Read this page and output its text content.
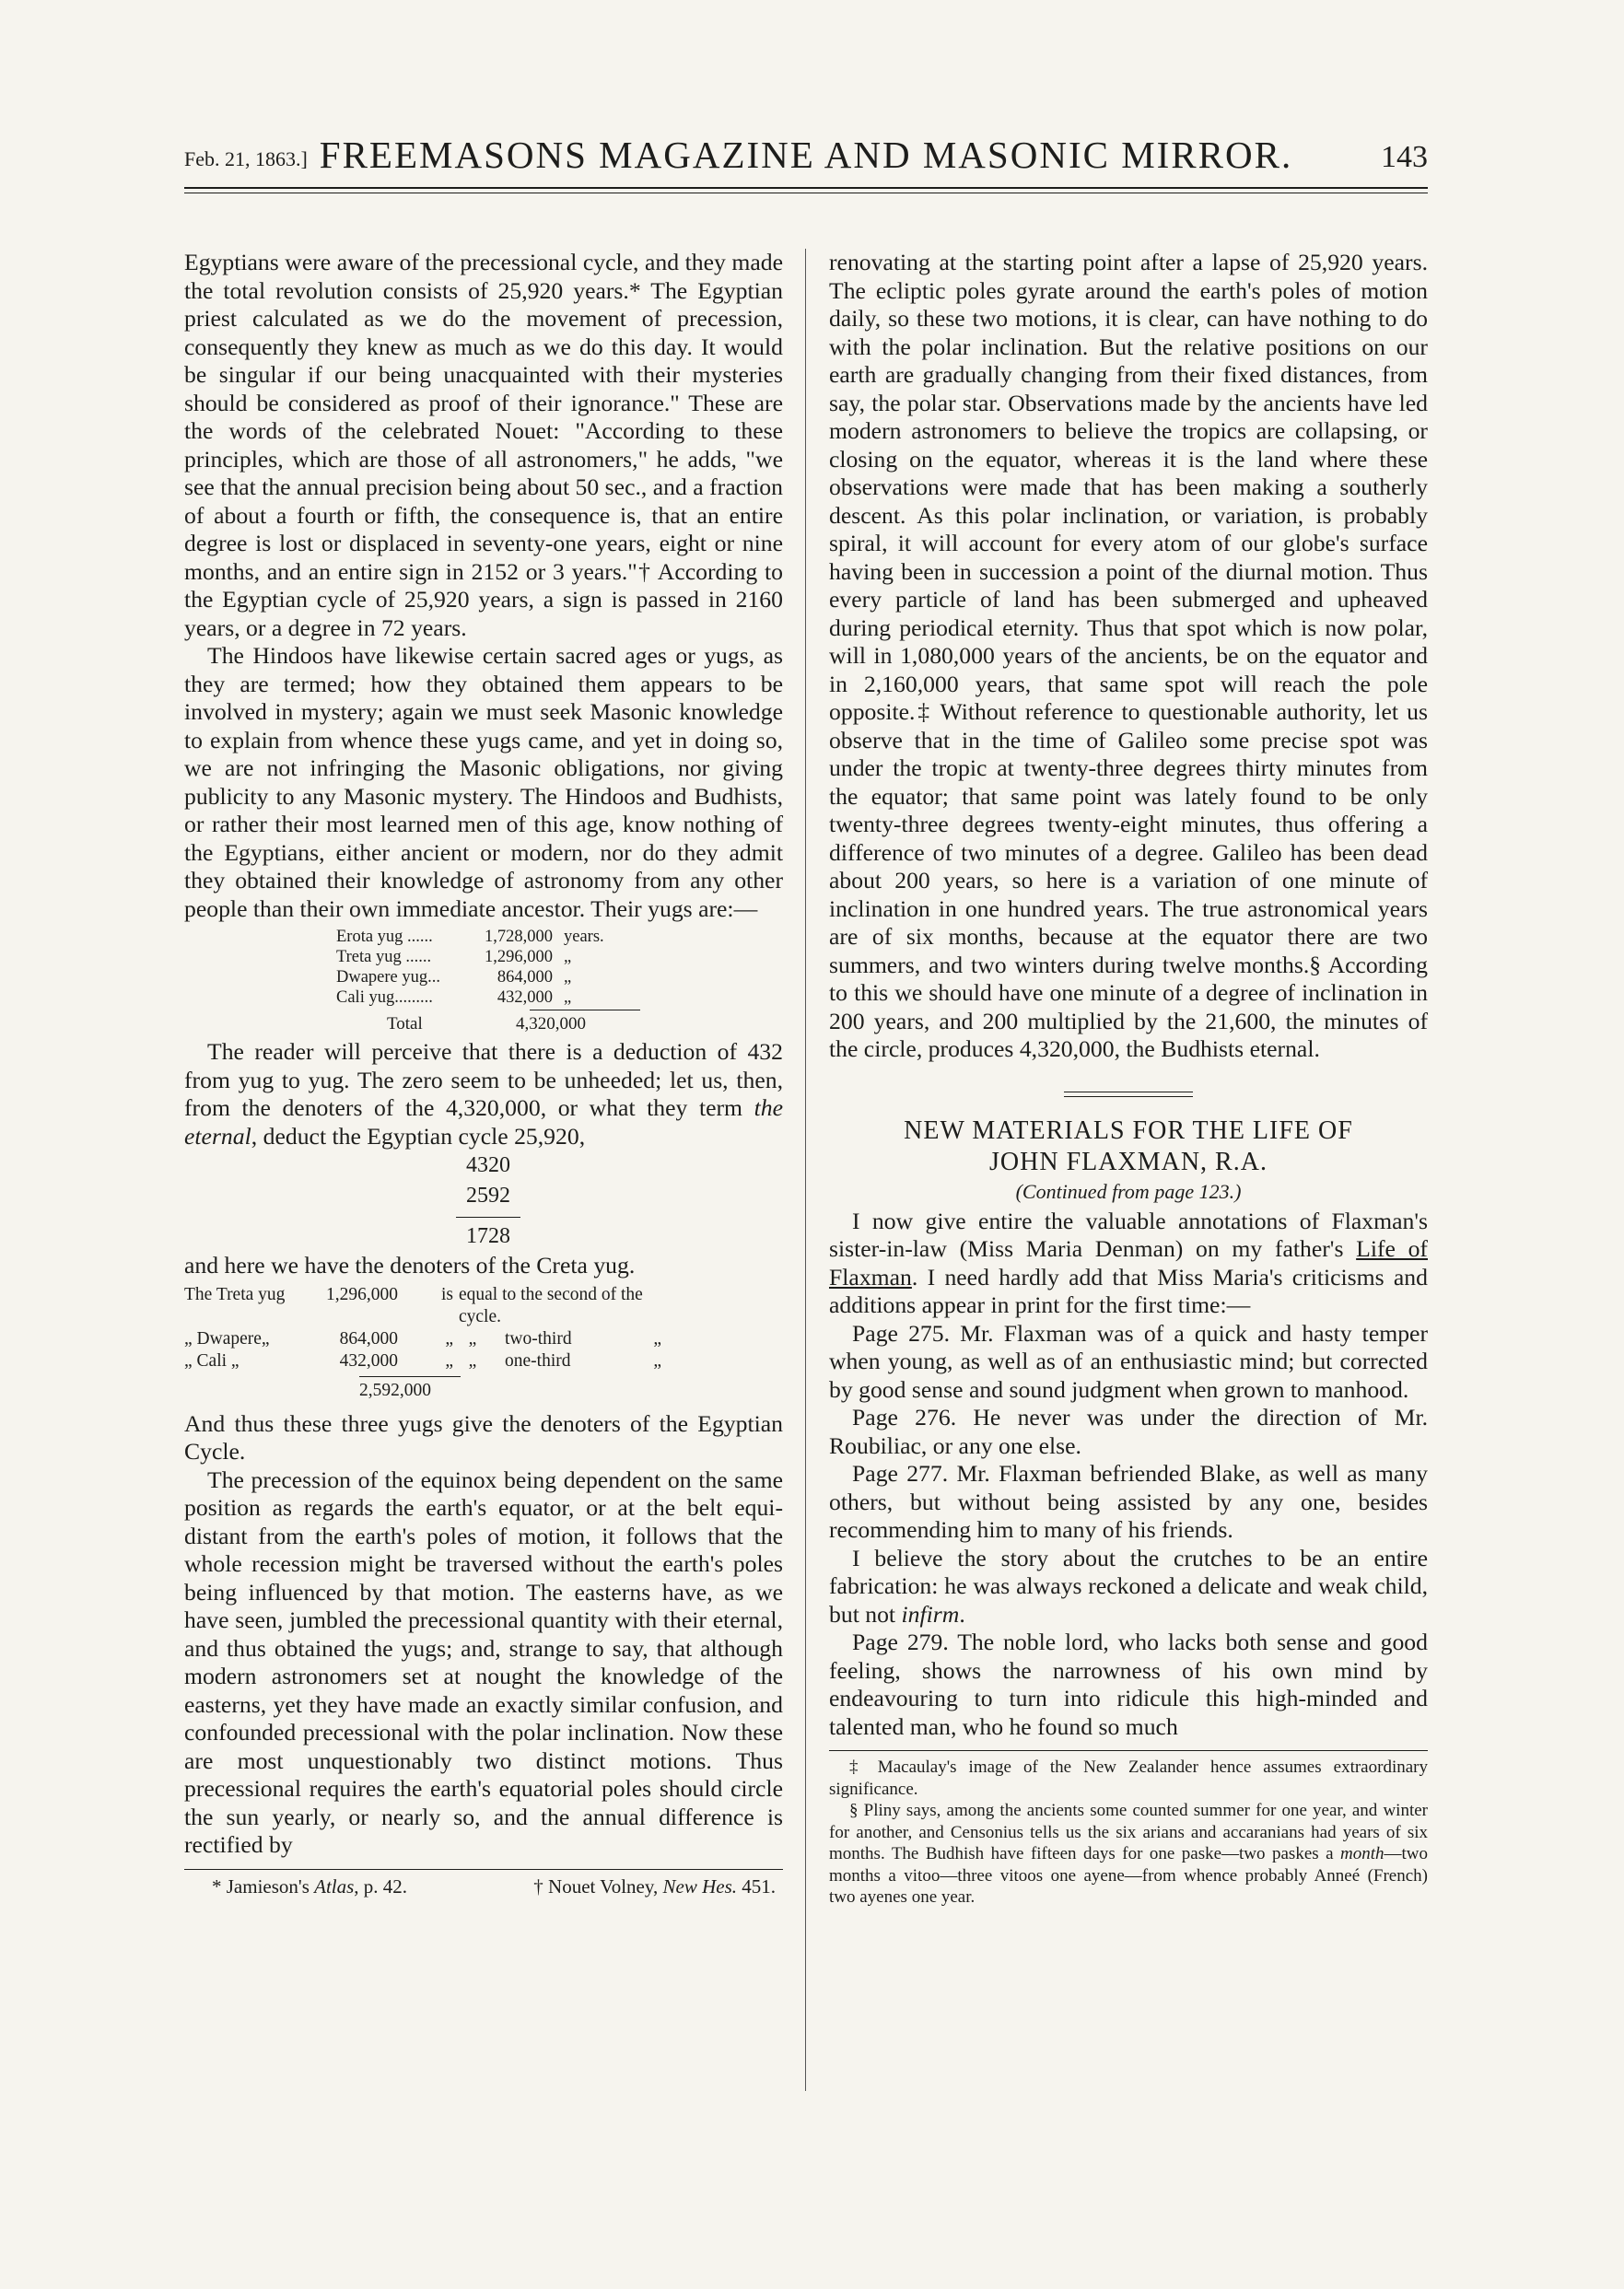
Feb. 21, 1863.] FREEMASONS MAGAZINE AND MASONIC MIRROR.	143

Egyptians were aware of the precessional cycle, and they made the total revolution consists of 25,920 years.* The Egyptian priest calculated as we do the movement of precession, consequently they knew as much as we do this day. It would be singular if our being unacquainted with their mysteries should be considered as proof of their ignorance." These are the words of the celebrated Nouet: "According to these principles, which are those of all astronomers," he adds, "we see that the annual precision being about 50 sec., and a fraction of about a fourth or fifth, the consequence is, that an entire degree is lost or displaced in seventy-one years, eight or nine months, and an entire sign in 2152 or 3 years."† According to the Egyptian cycle of 25,920 years, a sign is passed in 2160 years, or a degree in 72 years.

The Hindoos have likewise certain sacred ages or yugs, as they are termed; how they obtained them appears to be involved in mystery; again we must seek Masonic knowledge to explain from whence these yugs came, and yet in doing so, we are not infringing the Masonic obligations, nor giving publicity to any Masonic mystery. The Hindoos and Budhists, or rather their most learned men of this age, know nothing of the Egyptians, either ancient or modern, nor do they admit they obtained their knowledge of astronomy from any other people than their own immediate ancestor. Their yugs are:—

Erota yug ......	1,728,000 years.
Treta yug ......	1,296,000 „
Dwapere yug...	864,000 „
Cali yug.........	432,000 „
Total	4,320,000

The reader will perceive that there is a deduction of 432 from yug to yug. The zero seem to be unheeded; let us, then, from the denoters of the 4,320,000, or what they term the eternal, deduct the Egyptian cycle 25,920,

4320
2592
1728

and here we have the denoters of the Creta yug.

The Treta yug	1,296,000	is equal to the second of the cycle.
„ Dwapere„	864,000	„ „	two-third	„
„ Cali „	432,000	„ „	one-third	„
2,592,000

And thus these three yugs give the denoters of the Egyptian Cycle.

The precession of the equinox being dependent on the same position as regards the earth's equator, or at the belt equi-distant from the earth's poles of motion, it follows that the whole recession might be traversed without the earth's poles being influenced by that motion. The easterns have, as we have seen, jumbled the precessional quantity with their eternal, and thus obtained the yugs; and, strange to say, that although modern astronomers set at nought the knowledge of the easterns, yet they have made an exactly similar confusion, and confounded precessional with the polar inclination. Now these are most unquestionably two distinct motions. Thus precessional requires the earth's equatorial poles should circle the sun yearly, or nearly so, and the annual difference is rectified by

* Jamieson's Atlas, p. 42.	† Nouet Volney, New Hes. 451.

renovating at the starting point after a lapse of 25,920 years. The ecliptic poles gyrate around the earth's poles of motion daily, so these two motions, it is clear, can have nothing to do with the polar inclination. But the relative positions on our earth are gradually changing from their fixed distances, from say, the polar star. Observations made by the ancients have led modern astronomers to believe the tropics are collapsing, or closing on the equator, whereas it is the land where these observations were made that has been making a southerly descent. As this polar inclination, or variation, is probably spiral, it will account for every atom of our globe's surface having been in succession a point of the diurnal motion. Thus every particle of land has been submerged and upheaved during periodical eternity. Thus that spot which is now polar, will in 1,080,000 years of the ancients, be on the equator and in 2,160,000 years, that same spot will reach the pole opposite.‡ Without reference to questionable authority, let us observe that in the time of Galileo some precise spot was under the tropic at twenty-three degrees thirty minutes from the equator; that same point was lately found to be only twenty-three degrees twenty-eight minutes, thus offering a difference of two minutes of a degree. Galileo has been dead about 200 years, so here is a variation of one minute of inclination in one hundred years. The true astronomical years are of six months, because at the equator there are two summers, and two winters during twelve months.§ According to this we should have one minute of a degree of inclination in 200 years, and 200 multiplied by the 21,600, the minutes of the circle, produces 4,320,000, the Budhists eternal.

NEW MATERIALS FOR THE LIFE OF
JOHN FLAXMAN, R.A.
(Continued from page 123.)

I now give entire the valuable annotations of Flaxman's sister-in-law (Miss Maria Denman) on my father's Life of Flaxman. I need hardly add that Miss Maria's criticisms and additions appear in print for the first time:—

Page 275. Mr. Flaxman was of a quick and hasty temper when young, as well as of an enthusiastic mind; but corrected by good sense and sound judgment when grown to manhood.

Page 276. He never was under the direction of Mr. Roubiliac, or any one else.

Page 277. Mr. Flaxman befriended Blake, as well as many others, but without being assisted by any one, besides recommending him to many of his friends.

I believe the story about the crutches to be an entire fabrication: he was always reckoned a delicate and weak child, but not infirm.

Page 279. The noble lord, who lacks both sense and good feeling, shows the narrowness of his own mind by endeavouring to turn into ridicule this high-minded and talented man, who he found so much

‡ Macaulay's image of the New Zealander hence assumes extraordinary significance.

§ Pliny says, among the ancients some counted summer for one year, and winter for another, and Censonius tells us the six arians and accaranians had years of six months. The Budhish have fifteen days for one paske—two paskes a month—two months a vitoo—three vitoos one ayene—from whence probably Anneé (French) two ayenes one year.
